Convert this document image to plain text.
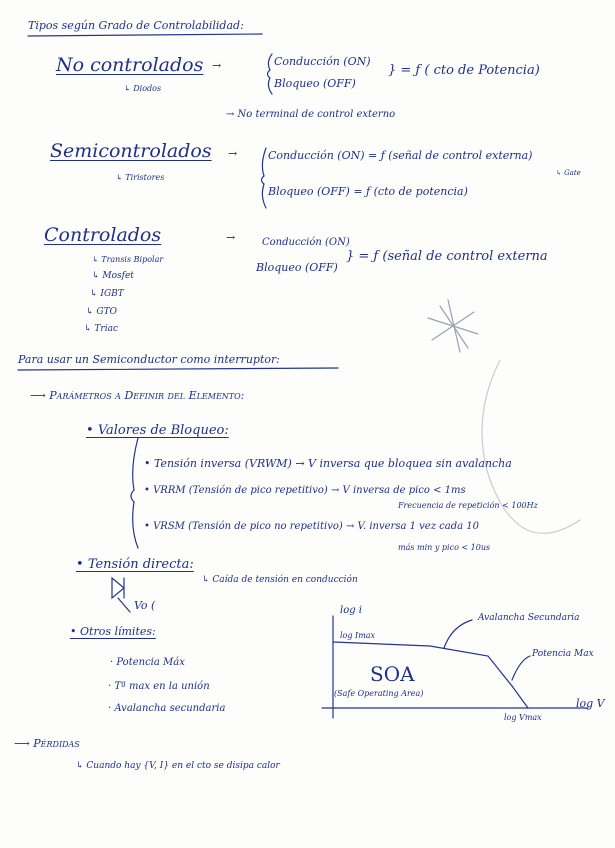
Tipos según Grado de Controlabilidad:
No controlados →
↳ Diodos
Conducción (ON)
Bloqueo (OFF)
} = ƒ ( cto de Potencia)
→ No terminal de control externo
Semicontrolados →
↳ Tiristores
Conducción (ON) = ƒ (señal de control externa)
↳ Gate
Bloqueo (OFF) = ƒ (cto de potencia)
Controlados	→
↳ Transis Bipolar
↳ Mosfet
↳ IGBT
↳ GTO
↳ Triac
Conducción (ON)
Bloqueo (OFF)
} = ƒ (señal de control externa
Para usar un Semiconductor como interruptor:
⟶ Parámetros a Definir del Elemento:
• Valores de Bloqueo:
• Tensión inversa (VRWM) → V inversa que bloquea sin avalancha
• VRRM (Tensión de pico repetitivo) → V inversa de pico < 1ms
Frecuencia de repetición < 100Hz
• VRSM (Tensión de pico no repetitivo) → V. inversa 1 vez cada 10
más min y pico < 10us
• Tensión directa:
↳ Caída de tensión en conducción
Vo (
• Otros límites:
· Potencia Máx
· Tª max en la unión
· Avalancha secundaria
log i
log Imax
SOA
(Safe Operating Area)
Avalancha Secundaria
Potencia Max
log V
log Vmax
⟶ Pérdidas
↳ Cuando hay {V, I} en el cto se disipa calor
